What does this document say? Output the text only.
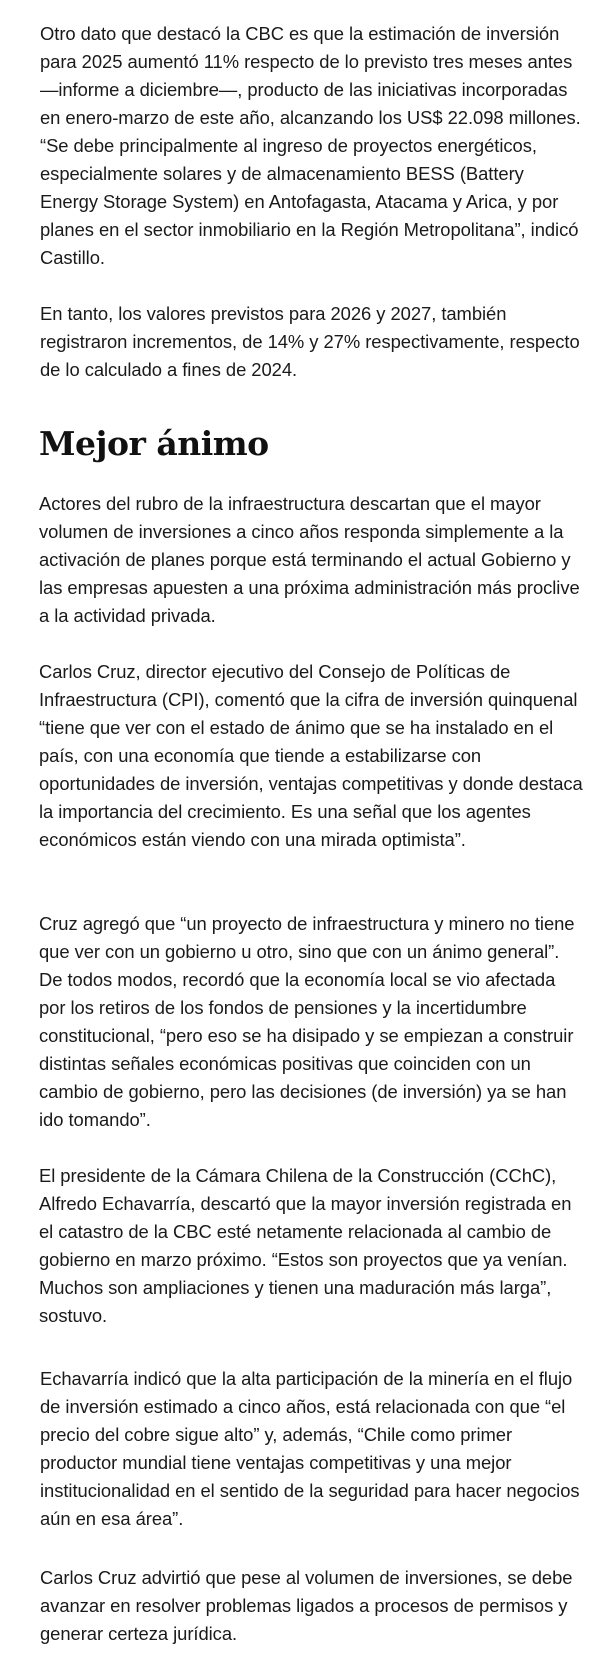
Otro dato que destacó la CBC es que la estimación de inversión para 2025 aumentó 11% respecto de lo previsto tres meses antes —informe a diciembre—, producto de las iniciativas incorporadas en enero-marzo de este año, alcanzando los US$ 22.098 millones. “Se debe principalmente al ingreso de proyectos energéticos, especialmente solares y de almacenamiento BESS (Battery Energy Storage System) en Antofagasta, Atacama y Arica, y por planes en el sector inmobiliario en la Región Metropolitana”, indicó Castillo.

En tanto, los valores previstos para 2026 y 2027, también registraron incrementos, de 14% y 27% respectivamente, respecto de lo calculado a fines de 2024.

Mejor ánimo

Actores del rubro de la infraestructura descartan que el mayor volumen de inversiones a cinco años responda simplemente a la activación de planes porque está terminando el actual Gobierno y las empresas apuesten a una próxima administración más proclive a la actividad privada.

Carlos Cruz, director ejecutivo del Consejo de Políticas de Infraestructura (CPI), comentó que la cifra de inversión quinquenal “tiene que ver con el estado de ánimo que se ha instalado en el país, con una economía que tiende a estabilizarse con oportunidades de inversión, ventajas competitivas y donde destaca la importancia del crecimiento. Es una señal que los agentes económicos están viendo con una mirada optimista”.

Cruz agregó que “un proyecto de infraestructura y minero no tiene que ver con un gobierno u otro, sino que con un ánimo general”. De todos modos, recordó que la economía local se vio afectada por los retiros de los fondos de pensiones y la incertidumbre constitucional, “pero eso se ha disipado y se empiezan a construir distintas señales económicas positivas que coinciden con un cambio de gobierno, pero las decisiones (de inversión) ya se han ido tomando”.

El presidente de la Cámara Chilena de la Construcción (CChC), Alfredo Echavarría, descartó que la mayor inversión registrada en el catastro de la CBC esté netamente relacionada al cambio de gobierno en marzo próximo. “Estos son proyectos que ya venían. Muchos son ampliaciones y tienen una maduración más larga”, sostuvo.

Echavarría indicó que la alta participación de la minería en el flujo de inversión estimado a cinco años, está relacionada con que “el precio del cobre sigue alto” y, además, “Chile como primer productor mundial tiene ventajas competitivas y una mejor institucionalidad en el sentido de la seguridad para hacer negocios aún en esa área”.

Carlos Cruz advirtió que pese al volumen de inversiones, se debe avanzar en resolver problemas ligados a procesos de permisos y generar certeza jurídica.
